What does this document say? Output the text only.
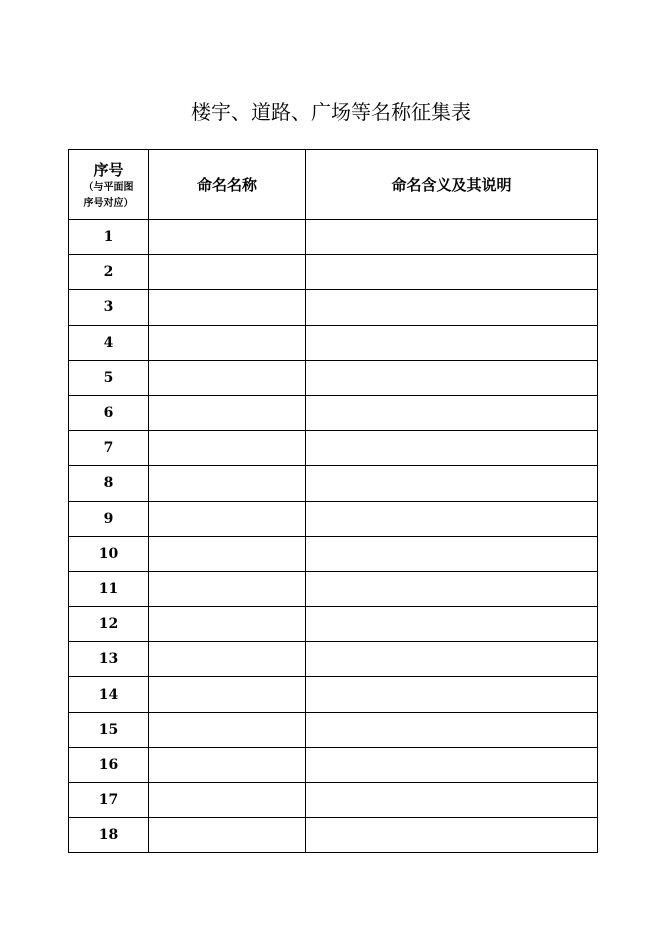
楼宇、道路、广场等名称征集表
序号
（与平面图
序号对应）	命名名称	命名含义及其说明
1		
2		
3		
4		
5		
6		
7		
8		
9		
10		
11		
12		
13		
14		
15		
16		
17		
18		
